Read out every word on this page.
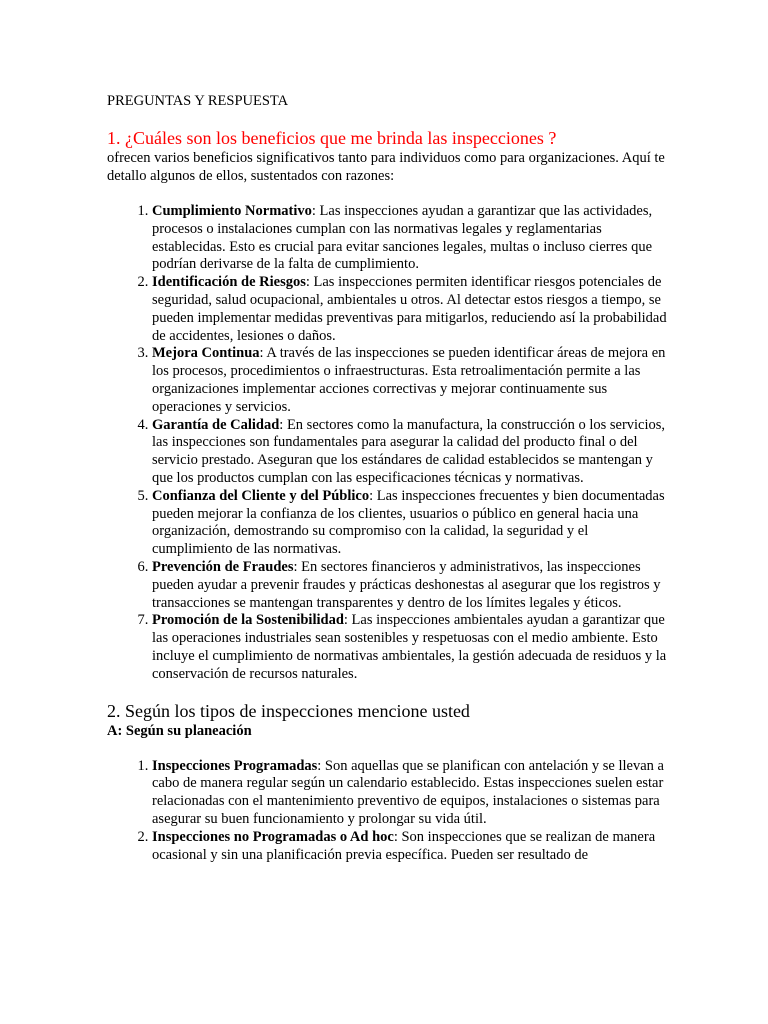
PREGUNTAS Y RESPUESTA

1. ¿Cuáles son los beneficios que me brinda las inspecciones ?

ofrecen varios beneficios significativos tanto para individuos como para organizaciones. Aquí te detallo algunos de ellos, sustentados con razones:

1. Cumplimiento Normativo: Las inspecciones ayudan a garantizar que las actividades, procesos o instalaciones cumplan con las normativas legales y reglamentarias establecidas. Esto es crucial para evitar sanciones legales, multas o incluso cierres que podrían derivarse de la falta de cumplimiento.
2. Identificación de Riesgos: Las inspecciones permiten identificar riesgos potenciales de seguridad, salud ocupacional, ambientales u otros. Al detectar estos riesgos a tiempo, se pueden implementar medidas preventivas para mitigarlos, reduciendo así la probabilidad de accidentes, lesiones o daños.
3. Mejora Continua: A través de las inspecciones se pueden identificar áreas de mejora en los procesos, procedimientos o infraestructuras. Esta retroalimentación permite a las organizaciones implementar acciones correctivas y mejorar continuamente sus operaciones y servicios.
4. Garantía de Calidad: En sectores como la manufactura, la construcción o los servicios, las inspecciones son fundamentales para asegurar la calidad del producto final o del servicio prestado. Aseguran que los estándares de calidad establecidos se mantengan y que los productos cumplan con las especificaciones técnicas y normativas.
5. Confianza del Cliente y del Público: Las inspecciones frecuentes y bien documentadas pueden mejorar la confianza de los clientes, usuarios o público en general hacia una organización, demostrando su compromiso con la calidad, la seguridad y el cumplimiento de las normativas.
6. Prevención de Fraudes: En sectores financieros y administrativos, las inspecciones pueden ayudar a prevenir fraudes y prácticas deshonestas al asegurar que los registros y transacciones se mantengan transparentes y dentro de los límites legales y éticos.
7. Promoción de la Sostenibilidad: Las inspecciones ambientales ayudan a garantizar que las operaciones industriales sean sostenibles y respetuosas con el medio ambiente. Esto incluye el cumplimiento de normativas ambientales, la gestión adecuada de residuos y la conservación de recursos naturales.
2. Según los tipos de inspecciones mencione usted

A: Según su planeación

1. Inspecciones Programadas: Son aquellas que se planifican con antelación y se llevan a cabo de manera regular según un calendario establecido. Estas inspecciones suelen estar relacionadas con el mantenimiento preventivo de equipos, instalaciones o sistemas para asegurar su buen funcionamiento y prolongar su vida útil.
2. Inspecciones no Programadas o Ad hoc: Son inspecciones que se realizan de manera ocasional y sin una planificación previa específica. Pueden ser resultado de
